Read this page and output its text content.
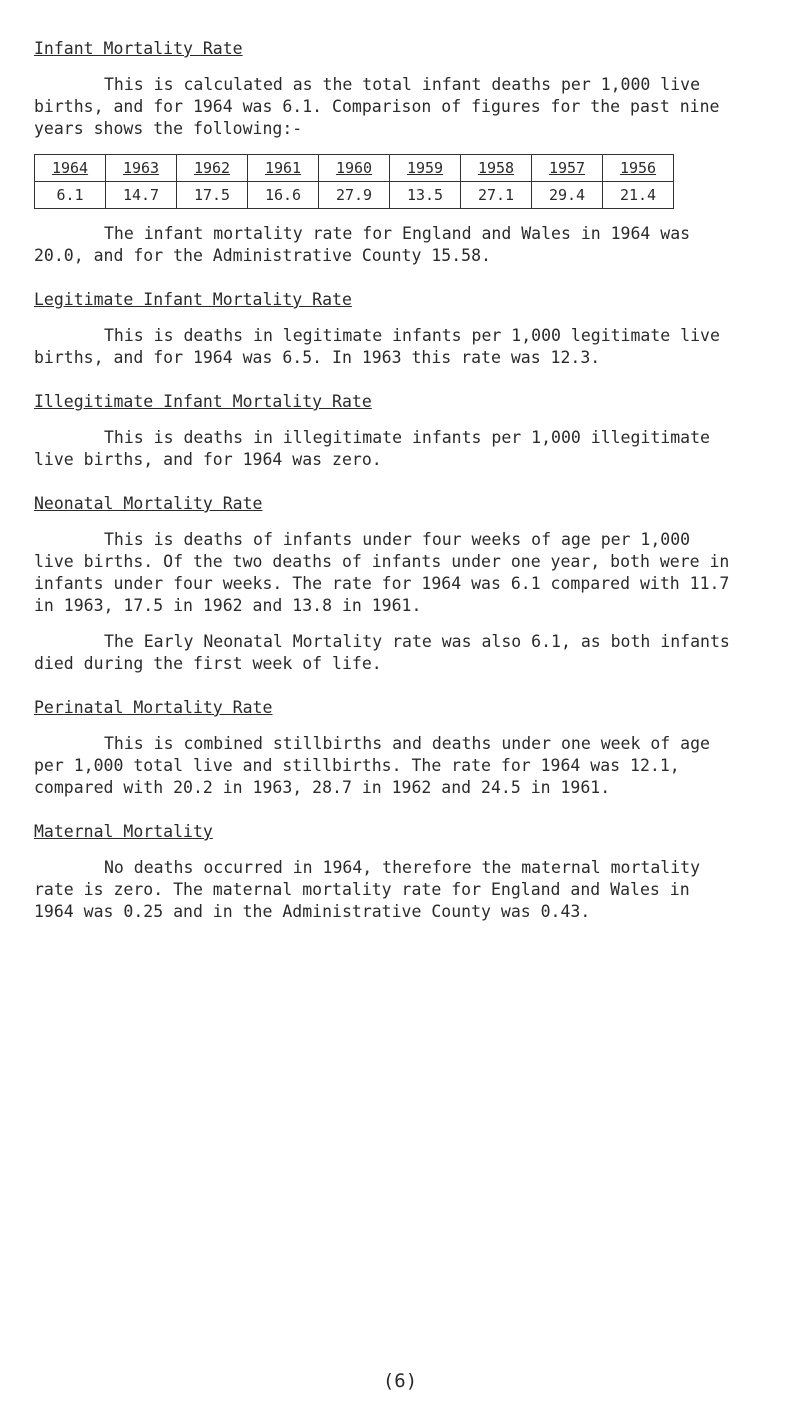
Infant Mortality Rate

This is calculated as the total infant deaths per 1,000 live births, and for 1964 was 6.1. Comparison of figures for the past nine years shows the following:-

1964	1963	1962	1961	1960	1959	1958	1957	1956
6.1	14.7	17.5	16.6	27.9	13.5	27.1	29.4	21.4

The infant mortality rate for England and Wales in 1964 was 20.0, and for the Administrative County 15.58.

Legitimate Infant Mortality Rate

This is deaths in legitimate infants per 1,000 legitimate live births, and for 1964 was 6.5. In 1963 this rate was 12.3.

Illegitimate Infant Mortality Rate

This is deaths in illegitimate infants per 1,000 illegitimate live births, and for 1964 was zero.

Neonatal Mortality Rate

This is deaths of infants under four weeks of age per 1,000 live births. Of the two deaths of infants under one year, both were in infants under four weeks. The rate for 1964 was 6.1 compared with 11.7 in 1963, 17.5 in 1962 and 13.8 in 1961.

The Early Neonatal Mortality rate was also 6.1, as both infants died during the first week of life.

Perinatal Mortality Rate

This is combined stillbirths and deaths under one week of age per 1,000 total live and stillbirths. The rate for 1964 was 12.1, compared with 20.2 in 1963, 28.7 in 1962 and 24.5 in 1961.

Maternal Mortality

No deaths occurred in 1964, therefore the maternal mortality rate is zero. The maternal mortality rate for England and Wales in 1964 was 0.25 and in the Administrative County was 0.43.

(6)
